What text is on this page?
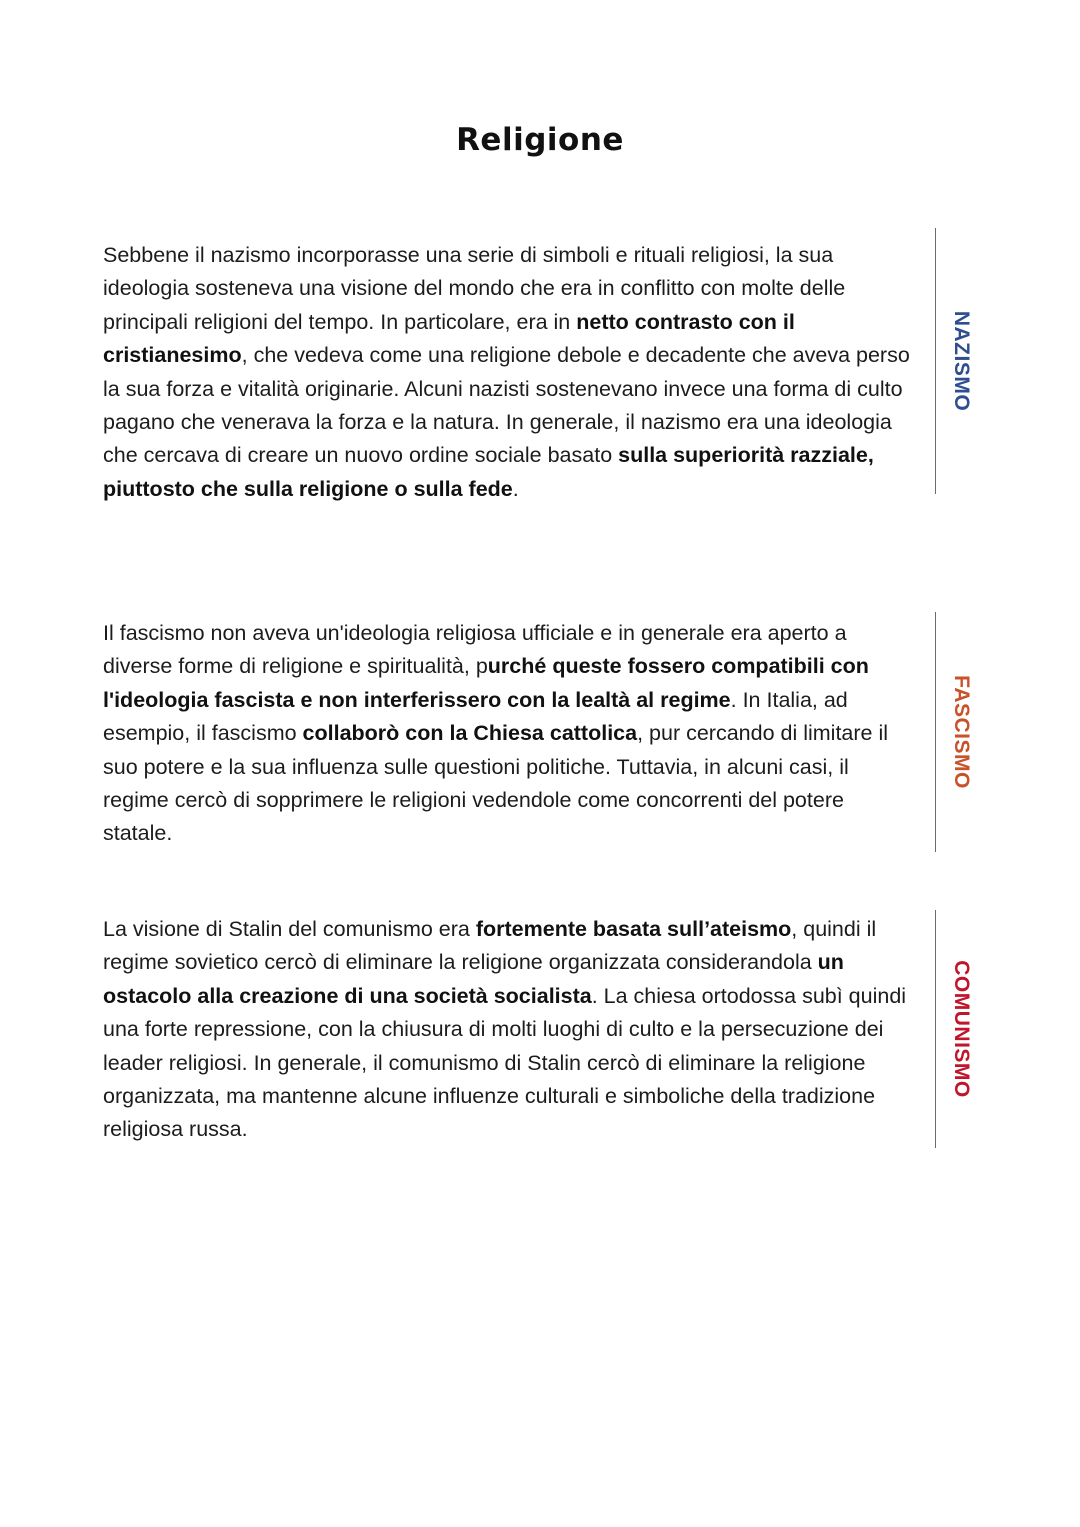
Religione

Sebbene il nazismo incorporasse una serie di simboli e rituali religiosi, la sua ideologia sosteneva una visione del mondo che era in conflitto con molte delle principali religioni del tempo. In particolare, era in netto contrasto con il cristianesimo, che vedeva come una religione debole e decadente che aveva perso la sua forza e vitalità originarie. Alcuni nazisti sostenevano invece una forma di culto pagano che venerava la forza e la natura. In generale, il nazismo era una ideologia che cercava di creare un nuovo ordine sociale basato sulla superiorità razziale, piuttosto che sulla religione o sulla fede.

NAZISMO

Il fascismo non aveva un'ideologia religiosa ufficiale e in generale era aperto a diverse forme di religione e spiritualità, purché queste fossero compatibili con l'ideologia fascista e non interferissero con la lealtà al regime. In Italia, ad esempio, il fascismo collaborò con la Chiesa cattolica, pur cercando di limitare il suo potere e la sua influenza sulle questioni politiche. Tuttavia, in alcuni casi, il regime cercò di sopprimere le religioni vedendole come concorrenti del potere statale.

FASCISMO

La visione di Stalin del comunismo era fortemente basata sull’ateismo, quindi il regime sovietico cercò di eliminare la religione organizzata considerandola un ostacolo alla creazione di una società socialista. La chiesa ortodossa subì quindi una forte repressione, con la chiusura di molti luoghi di culto e la persecuzione dei leader religiosi. In generale, il comunismo di Stalin cercò di eliminare la religione organizzata, ma mantenne alcune influenze culturali e simboliche della tradizione religiosa russa.

COMUNISMO
